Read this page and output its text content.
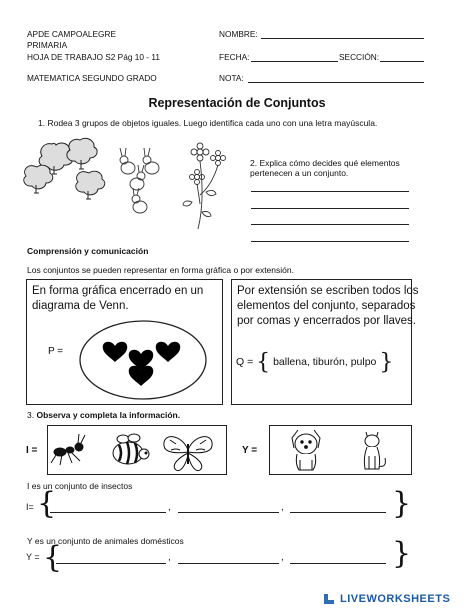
APDE CAMPOALEGRE
PRIMARIA
HOJA DE TRABAJO S2 Pág 10 - 11
MATEMATICA SEGUNDO GRADO
NOMBRE:
FECHA:	SECCIÓN:
NOTA:
Representación de Conjuntos
1. Rodea 3 grupos de objetos iguales. Luego identifica cada uno con una letra mayúscula.
2. Explica cómo decides qué elementos
pertenecen a un conjunto.
Comprensión y comunicación
Los conjuntos se pueden representar en forma gráfica o por extensión.
En forma gráfica encerrado en un
diagrama de Venn.
P =
Por extensión se escriben todos los
elementos del conjunto, separados
por comas y encerrados por llaves.
Q = { ballena, tiburón, pulpo }
3. Observa y completa la información.
I =	Y =
I es un conjunto de insectos
I= {	,	,	}
Y es un conjunto de animales domésticos
Y = {	,	,	}
LIVEWORKSHEETS
